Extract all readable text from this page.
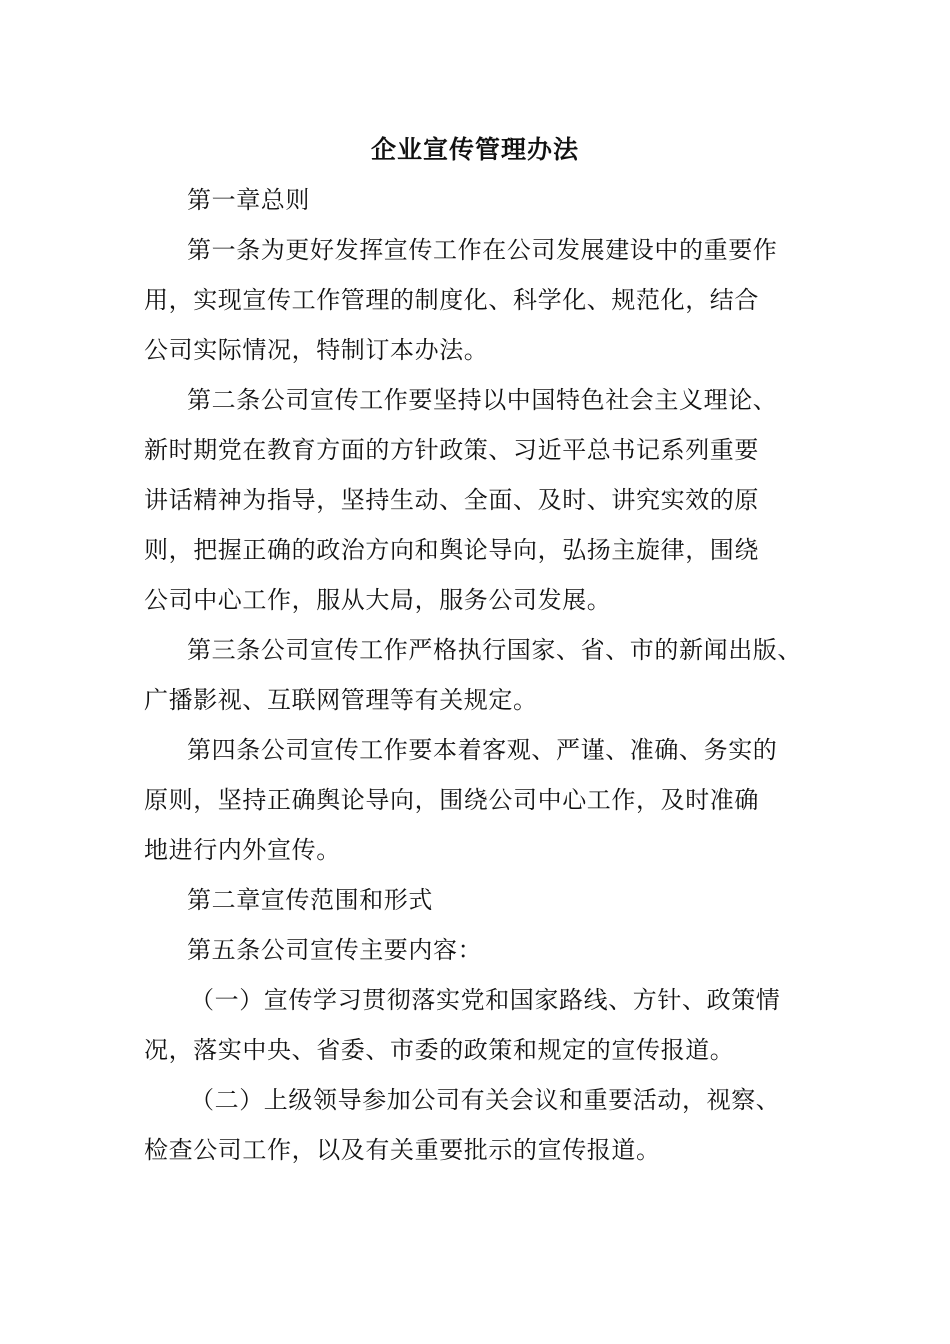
企业宣传管理办法
第一章总则
第一条为更好发挥宣传工作在公司发展建设中的重要作
用，实现宣传工作管理的制度化、科学化、规范化，结合
公司实际情况，特制订本办法。
第二条公司宣传工作要坚持以中国特色社会主义理论、
新时期党在教育方面的方针政策、习近平总书记系列重要
讲话精神为指导，坚持生动、全面、及时、讲究实效的原
则，把握正确的政治方向和舆论导向，弘扬主旋律，围绕
公司中心工作，服从大局，服务公司发展。
第三条公司宣传工作严格执行国家、省、市的新闻出版、
广播影视、互联网管理等有关规定。
第四条公司宣传工作要本着客观、严谨、准确、务实的
原则，坚持正确舆论导向，围绕公司中心工作，及时准确
地进行内外宣传。
第二章宣传范围和形式
第五条公司宣传主要内容：
（一）宣传学习贯彻落实党和国家路线、方针、政策情
况，落实中央、省委、市委的政策和规定的宣传报道。
（二）上级领导参加公司有关会议和重要活动，视察、
检查公司工作，以及有关重要批示的宣传报道。
